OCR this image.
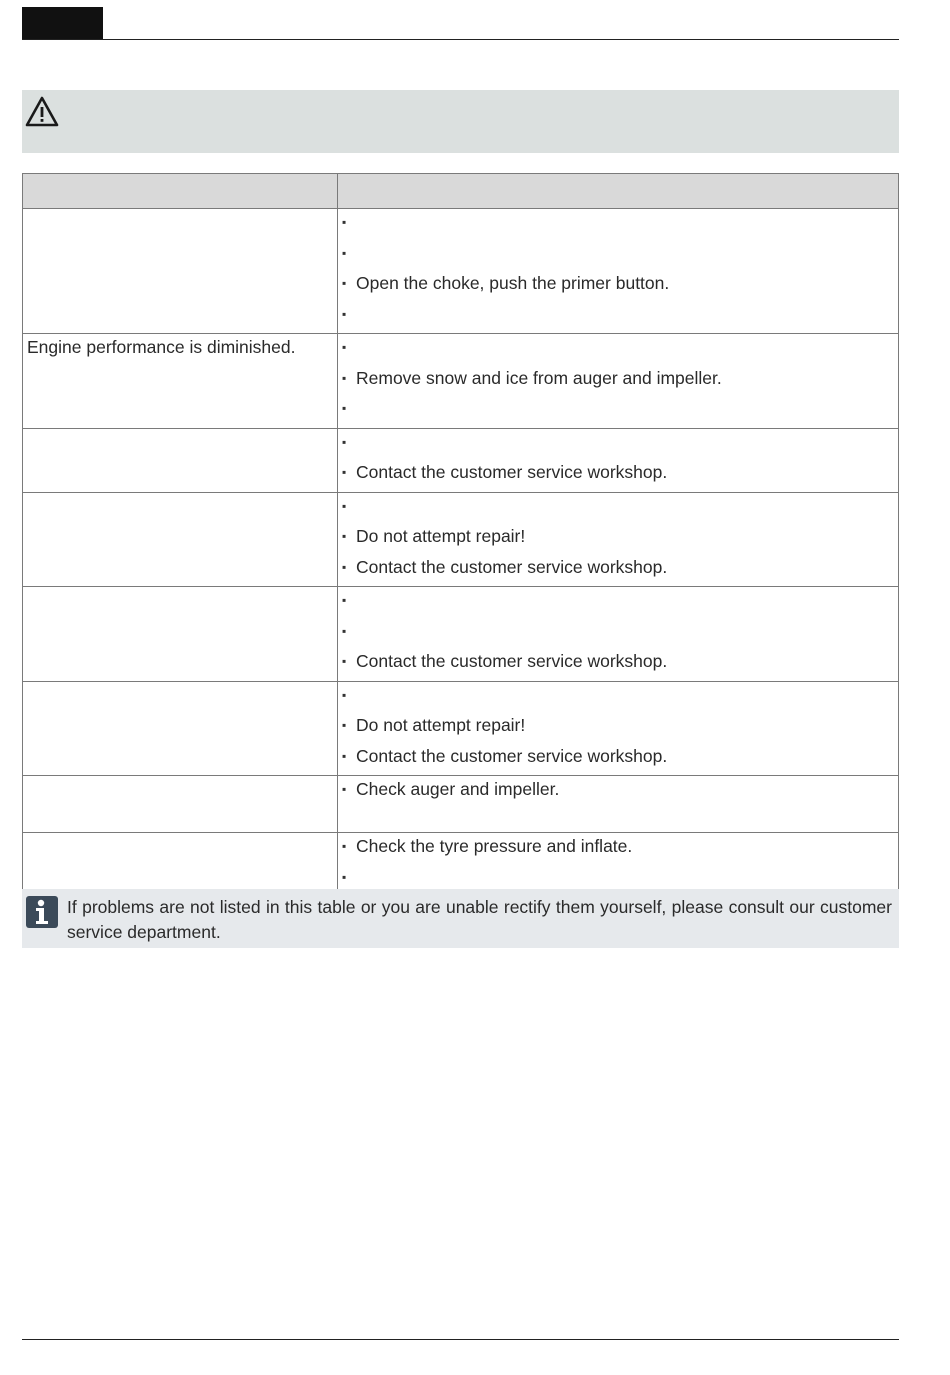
	▪
▪
▪ Open the choke, push the primer button.
▪

Engine performance is diminished.	▪
▪ Remove snow and ice from auger and impeller.
▪

	▪
▪ Contact the customer service workshop.

	▪
▪ Do not attempt repair!
▪ Contact the customer service workshop.

	▪
▪
▪ Contact the customer service workshop.

	▪
▪ Do not attempt repair!
▪ Contact the customer service workshop.

	▪ Check auger and impeller.

	▪ Check the tyre pressure and inflate.
▪
If problems are not listed in this table or you are unable rectify them yourself, please consult our customer service department.
